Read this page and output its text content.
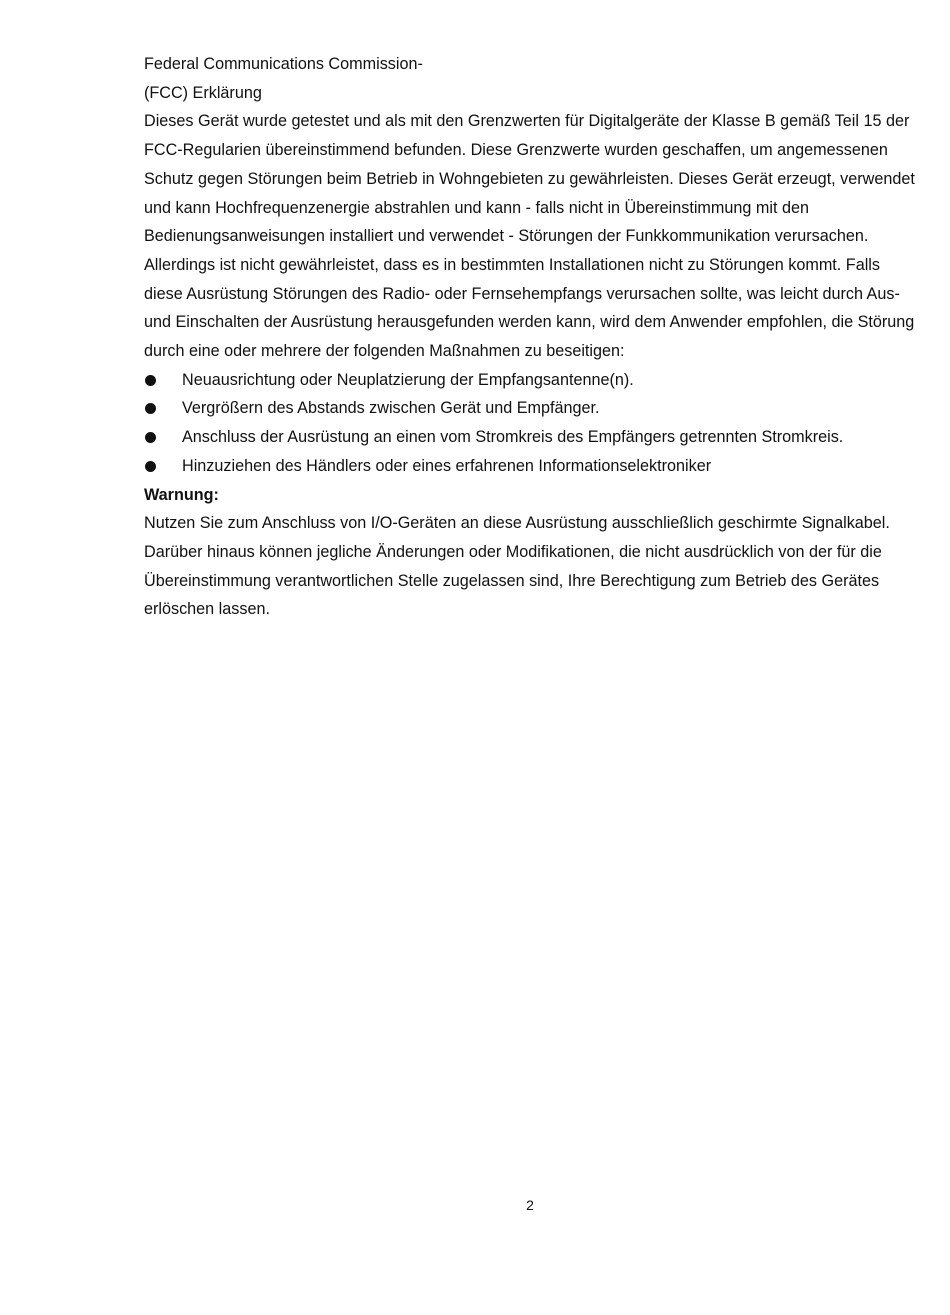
Federal Communications Commission-
(FCC) Erklärung
Dieses Gerät wurde getestet und als mit den Grenzwerten für Digitalgeräte der Klasse B gemäß Teil 15 der FCC-Regularien übereinstimmend befunden. Diese Grenzwerte wurden geschaffen, um angemessenen Schutz gegen Störungen beim Betrieb in Wohngebieten zu gewährleisten. Dieses Gerät erzeugt, verwendet und kann Hochfrequenzenergie abstrahlen und kann - falls nicht in Übereinstimmung mit den Bedienungsanweisungen installiert und verwendet - Störungen der Funkkommunikation verursachen. Allerdings ist nicht gewährleistet, dass es in bestimmten Installationen nicht zu Störungen kommt. Falls diese Ausrüstung Störungen des Radio- oder Fernsehempfangs verursachen sollte, was leicht durch Aus- und Einschalten der Ausrüstung herausgefunden werden kann, wird dem Anwender empfohlen, die Störung durch eine oder mehrere der folgenden Maßnahmen zu beseitigen:
Neuausrichtung oder Neuplatzierung der Empfangsantenne(n).
Vergrößern des Abstands zwischen Gerät und Empfänger.
Anschluss der Ausrüstung an einen vom Stromkreis des Empfängers getrennten Stromkreis.
Hinzuziehen des Händlers oder eines erfahrenen Informationselektroniker
Warnung:
Nutzen Sie zum Anschluss von I/O-Geräten an diese Ausrüstung ausschließlich geschirmte Signalkabel. Darüber hinaus können jegliche Änderungen oder Modifikationen, die nicht ausdrücklich von der für die Übereinstimmung verantwortlichen Stelle zugelassen sind, Ihre Berechtigung zum Betrieb des Gerätes erlöschen lassen.
2
